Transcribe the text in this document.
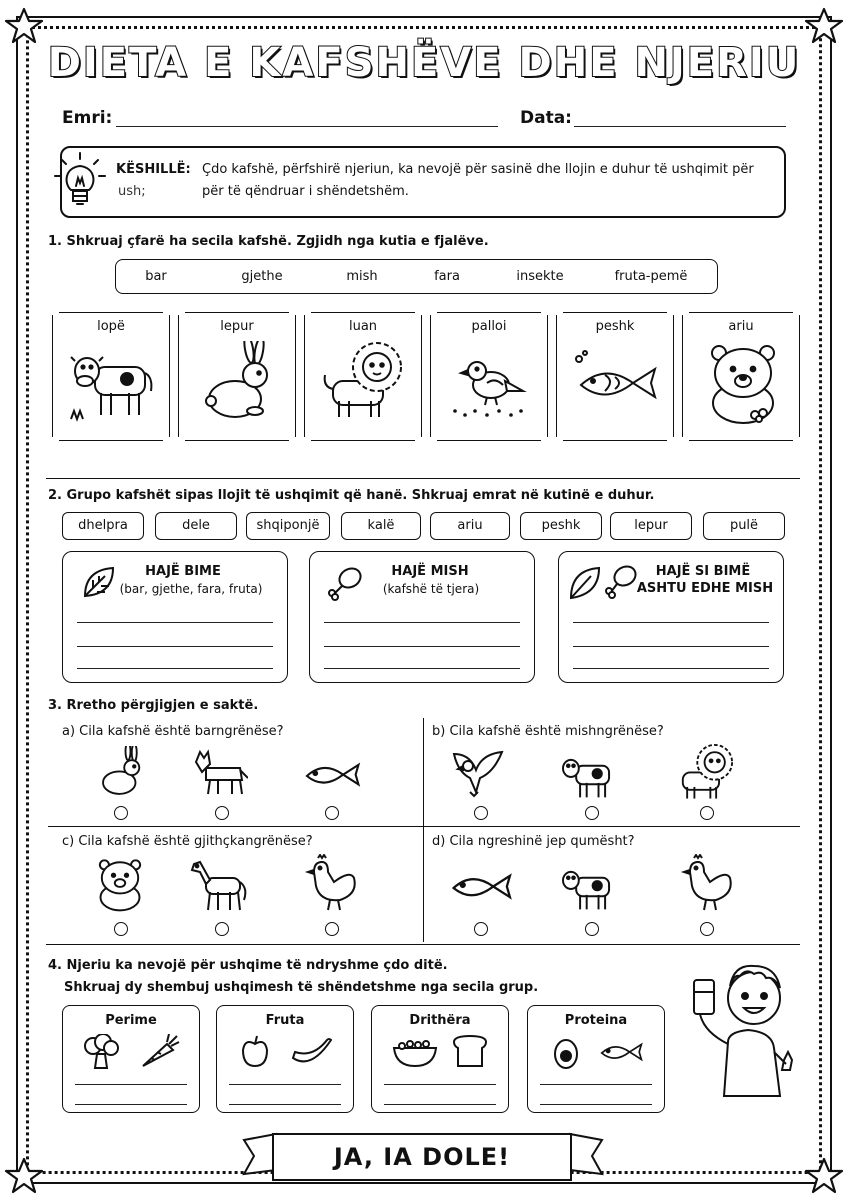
DIETA E KAFSHËVE DHE NJERIU
Emri:	Data:
KËSHILLË: Çdo kafshë, përfshirë njeriun, ka nevojë për sasinë dhe llojin e duhur të ushqimit për
ush;	për të qëndruar i shëndetshëm.
1. Shkruaj çfarë ha secila kafshë. Zgjidh nga kutia e fjalëve.
bar	gjethe	mish	fara	insekte	fruta-pemë
lopë	lepur	luan	palloi	peshk	ariu
2. Grupo kafshët sipas llojit të ushqimit që hanë. Shkruaj emrat në kutinë e duhur.
dhelpra	dele	shqiponjë	kalë	ariu	peshk	lepur	pulë
HAJË BIME
(bar, gjethe, fara, fruta)
HAJË MISH
(kafshë të tjera)
HAJË SI BIMË
ASHTU EDHE MISH
3. Rretho përgjigjen e saktë.
a) Cila kafshë është barngrënëse?	b) Cila kafshë është mishngrënëse?
c) Cila kafshë është gjithçkangrënëse?	d) Cila ngreshinë jep qumësht?
4. Njeriu ka nevojë për ushqime të ndryshme çdo ditë.
Shkruaj dy shembuj ushqimesh të shëndetshme nga secila grup.
Perime	Fruta	Drithëra	Proteina
JA, IA DOLE!
